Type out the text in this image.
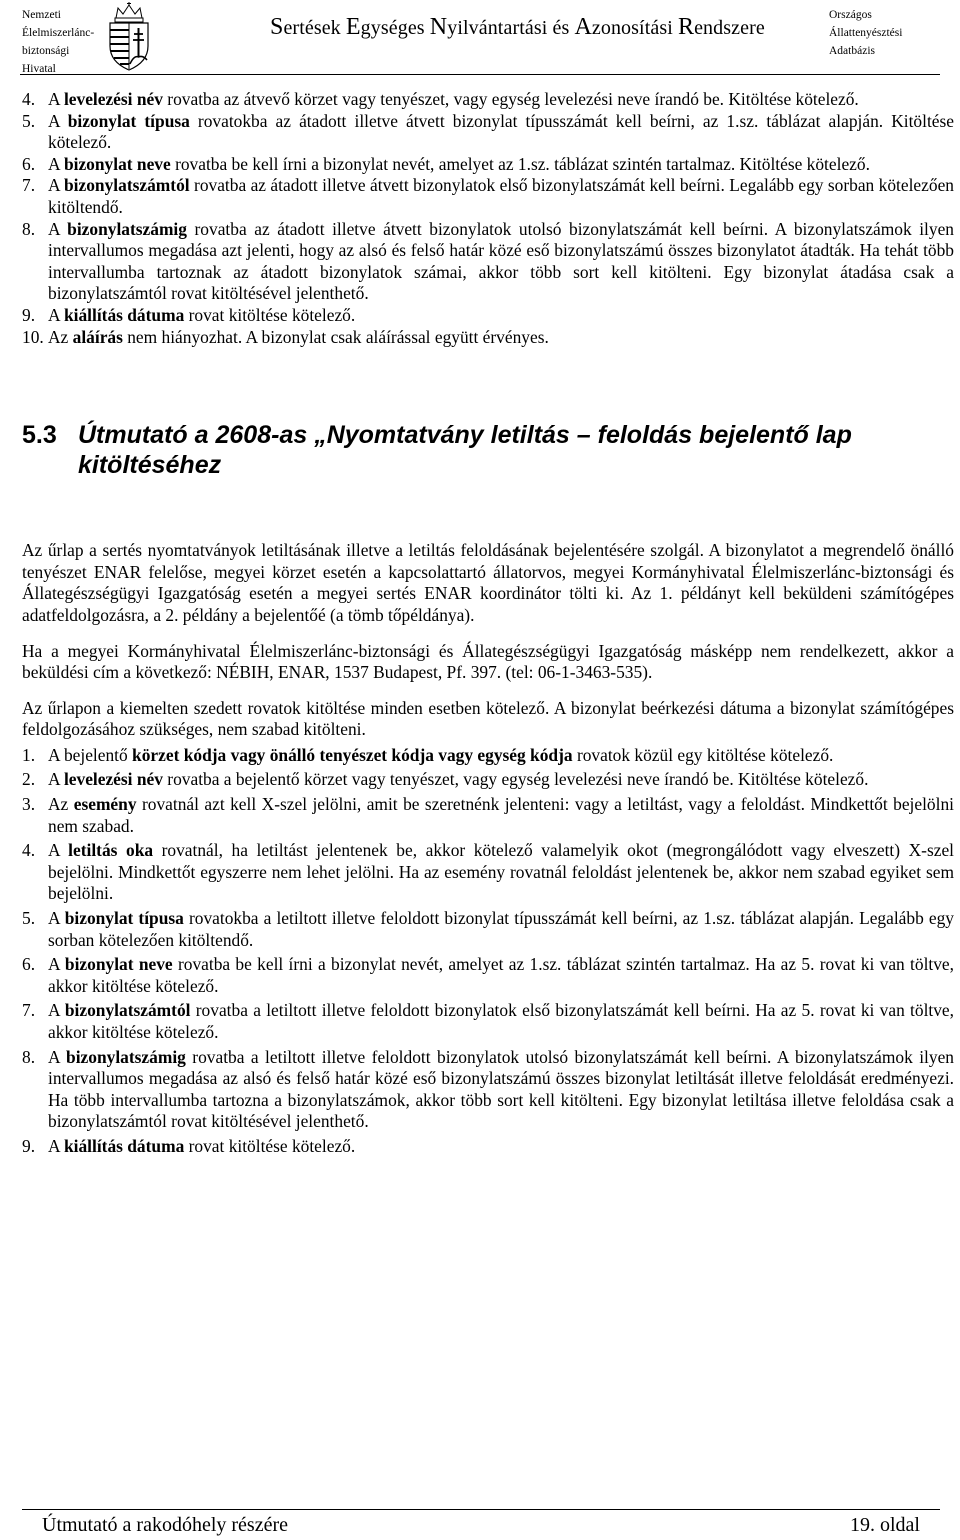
Nemzeti
Élelmiszerlánc-
biztonsági
Hivatal
Sertések Egységes Nyilvántartási és Azonosítási Rendszere
Országos
Állattenyésztési
Adatbázis
4. A levelezési név rovatba az átvevő körzet vagy tenyészet, vagy egység levelezési neve írandó be. Kitöltése kötelező.
5. A bizonylat típusa rovatokba az átadott illetve átvett bizonylat típusszámát kell beírni, az 1.sz. táblázat alapján. Kitöltése kötelező.
6. A bizonylat neve rovatba be kell írni a bizonylat nevét, amelyet az 1.sz. táblázat szintén tartalmaz. Kitöltése kötelező.
7. A bizonylatszámtól rovatba az átadott illetve átvett bizonylatok első bizonylatszámát kell beírni. Legalább egy sorban kötelezően kitöltendő.
8. A bizonylatszámig rovatba az átadott illetve átvett bizonylatok utolsó bizonylatszámát kell beírni. A bizonylatszámok ilyen intervallumos megadása azt jelenti, hogy az alsó és felső határ közé eső bizonylatszámú összes bizonylatot átadták. Ha tehát több intervallumba tartoznak az átadott bizonylatok számai, akkor több sort kell kitölteni. Egy bizonylat átadása csak a bizonylatszámtól rovat kitöltésével jelenthető.
9. A kiállítás dátuma rovat kitöltése kötelező.
10. Az aláírás nem hiányozhat. A bizonylat csak aláírással együtt érvényes.
5.3 Útmutató a 2608-as „Nyomtatvány letiltás – feloldás bejelentő lap kitöltéséhez

Az űrlap a sertés nyomtatványok letiltásának illetve a letiltás feloldásának bejelentésére szolgál. A bizonylatot a megrendelő önálló tenyészet ENAR felelőse, megyei körzet esetén a kapcsolattartó állatorvos, megyei Kormányhivatal Élelmiszerlánc-biztonsági és Állategészségügyi Igazgatóság esetén a megyei sertés ENAR koordinátor tölti ki. Az 1. példányt kell beküldeni számítógépes adatfeldolgozásra, a 2. példány a bejelentőé (a tömb tőpéldánya).

Ha a megyei Kormányhivatal Élelmiszerlánc-biztonsági és Állategészségügyi Igazgatóság másképp nem rendelkezett, akkor a beküldési cím a következő: NÉBIH, ENAR, 1537 Budapest, Pf. 397. (tel: 06-1-3463-535).

Az űrlapon a kiemelten szedett rovatok kitöltése minden esetben kötelező. A bizonylat beérkezési dátuma a bizonylat számítógépes feldolgozásához szükséges, nem szabad kitölteni.

1. A bejelentő körzet kódja vagy önálló tenyészet kódja vagy egység kódja rovatok közül egy kitöltése kötelező.
2. A levelezési név rovatba a bejelentő körzet vagy tenyészet, vagy egység levelezési neve írandó be. Kitöltése kötelező.
3. Az esemény rovatnál azt kell X-szel jelölni, amit be szeretnénk jelenteni: vagy a letiltást, vagy a feloldást. Mindkettőt bejelölni nem szabad.
4. A letiltás oka rovatnál, ha letiltást jelentenek be, akkor kötelező valamelyik okot (megrongálódott vagy elveszett) X-szel bejelölni. Mindkettőt egyszerre nem lehet jelölni. Ha az esemény rovatnál feloldást jelentenek be, akkor nem szabad egyiket sem bejelölni.
5. A bizonylat típusa rovatokba a letiltott illetve feloldott bizonylat típusszámát kell beírni, az 1.sz. táblázat alapján. Legalább egy sorban kötelezően kitöltendő.
6. A bizonylat neve rovatba be kell írni a bizonylat nevét, amelyet az 1.sz. táblázat szintén tartalmaz. Ha az 5. rovat ki van töltve, akkor kitöltése kötelező.
7. A bizonylatszámtól rovatba a letiltott illetve feloldott bizonylatok első bizonylatszámát kell beírni. Ha az 5. rovat ki van töltve, akkor kitöltése kötelező.
8. A bizonylatszámig rovatba a letiltott illetve feloldott bizonylatok utolsó bizonylatszámát kell beírni. A bizonylatszámok ilyen intervallumos megadása az alsó és felső határ közé eső bizonylatszámú összes bizonylat letiltását illetve feloldását eredményezi. Ha több intervallumba tartozna a bizonylatszámok, akkor több sort kell kitölteni. Egy bizonylat letiltása illetve feloldása csak a bizonylatszámtól rovat kitöltésével jelenthető.
9. A kiállítás dátuma rovat kitöltése kötelező.
Útmutató a rakodóhely részére	19. oldal
